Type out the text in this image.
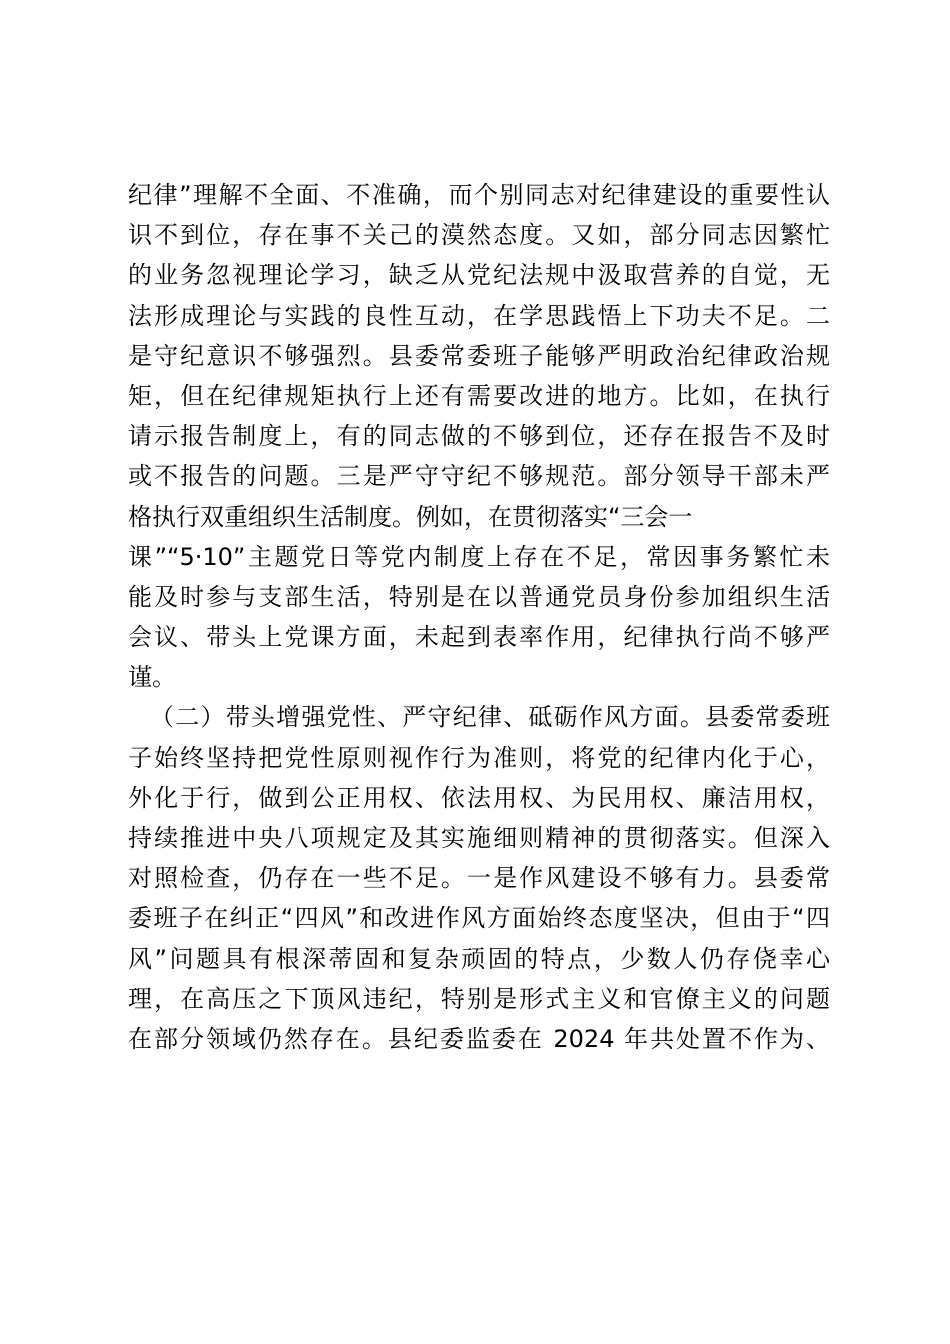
纪律”理解不全面、不准确，而个别同志对纪律建设的重要性认
识不到位，存在事不关己的漠然态度。又如，部分同志因繁忙
的业务忽视理论学习，缺乏从党纪法规中汲取营养的自觉，无
法形成理论与实践的良性互动，在学思践悟上下功夫不足。二
是守纪意识不够强烈。县委常委班子能够严明政治纪律政治规
矩，但在纪律规矩执行上还有需要改进的地方。比如，在执行
请示报告制度上，有的同志做的不够到位，还存在报告不及时
或不报告的问题。三是严守守纪不够规范。部分领导干部未严
格执行双重组织生活制度。例如，在贯彻落实“三会一
课”“5·10”主题党日等党内制度上存在不足，常因事务繁忙未
能及时参与支部生活，特别是在以普通党员身份参加组织生活
会议、带头上党课方面，未起到表率作用，纪律执行尚不够严
谨。
（二）带头增强党性、严守纪律、砥砺作风方面。县委常委班
子始终坚持把党性原则视作行为准则，将党的纪律内化于心，
外化于行，做到公正用权、依法用权、为民用权、廉洁用权，
持续推进中央八项规定及其实施细则精神的贯彻落实。但深入
对照检查，仍存在一些不足。一是作风建设不够有力。县委常
委班子在纠正“四风”和改进作风方面始终态度坚决，但由于“四
风”问题具有根深蒂固和复杂顽固的特点，少数人仍存侥幸心
理，在高压之下顶风违纪，特别是形式主义和官僚主义的问题
在部分领域仍然存在。县纪委监委在 2024 年共处置不作为、
